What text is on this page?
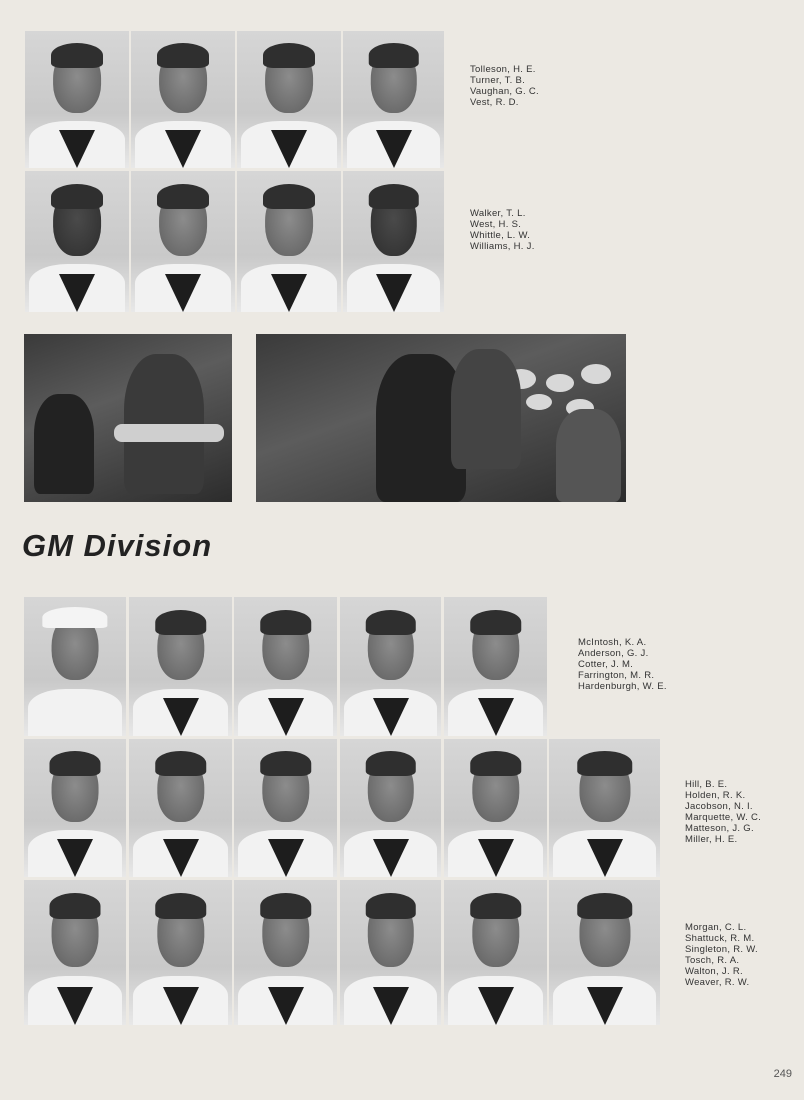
Tolleson, H. E.
Turner, T. B.
Vaughan, G. C.
Vest, R. D.
Walker, T. L.
West, H. S.
Whittle, L. W.
Williams, H. J.
GM Division
McIntosh, K. A.
Anderson, G. J.
Cotter, J. M.
Farrington, M. R.
Hardenburgh, W. E.
Hill, B. E.
Holden, R. K.
Jacobson, N. I.
Marquette, W. C.
Matteson, J. G.
Miller, H. E.
Morgan, C. L.
Shattuck, R. M.
Singleton, R. W.
Tosch, R. A.
Walton, J. R.
Weaver, R. W.
249
